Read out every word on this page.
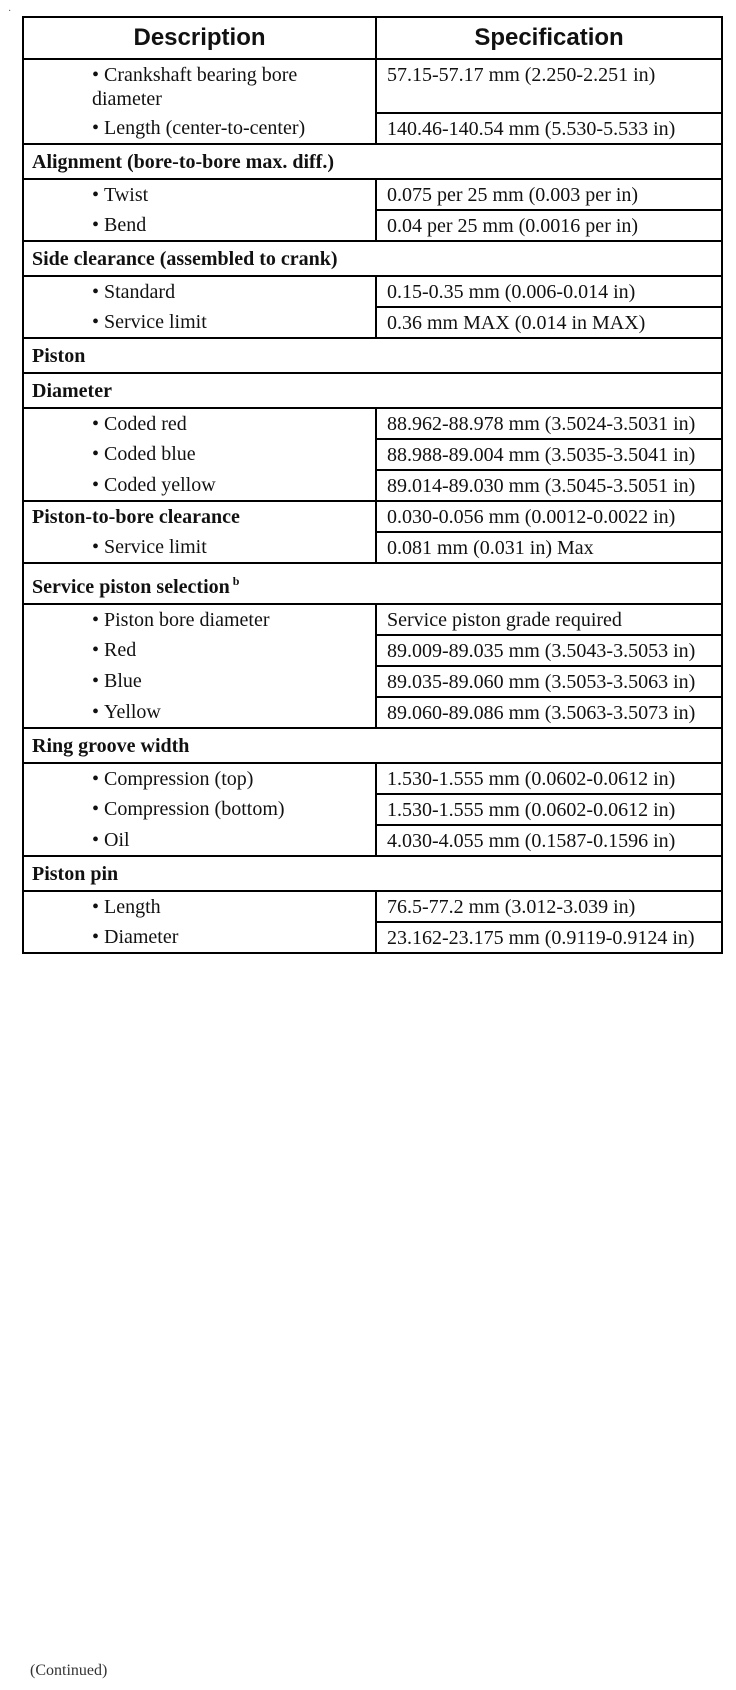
·
Description	Specification
• Crankshaft bearing bore diameter	57.15-57.17 mm (2.250-2.251 in)
• Length (center-to-center)	140.46-140.54 mm (5.530-5.533 in)
Alignment (bore-to-bore max. diff.)	
• Twist	0.075 per 25 mm (0.003 per in)
• Bend	0.04 per 25 mm (0.0016 per in)
Side clearance (assembled to crank)	
• Standard	0.15-0.35 mm (0.006-0.014 in)
• Service limit	0.36 mm MAX (0.014 in MAX)
Piston	
Diameter	
• Coded red	88.962-88.978 mm (3.5024-3.5031 in)
• Coded blue	88.988-89.004 mm (3.5035-3.5041 in)
• Coded yellow	89.014-89.030 mm (3.5045-3.5051 in)
Piston-to-bore clearance	0.030-0.056 mm (0.0012-0.0022 in)
• Service limit	0.081 mm (0.031 in) Max
Service piston selection $^b$
• Piston bore diameter	Service piston grade required
• Red	89.009-89.035 mm (3.5043-3.5053 in)
• Blue	89.035-89.060 mm (3.5053-3.5063 in)
• Yellow	89.060-89.086 mm (3.5063-3.5073 in)
Ring groove width	
• Compression (top)	1.530-1.555 mm (0.0602-0.0612 in)
• Compression (bottom)	1.530-1.555 mm (0.0602-0.0612 in)
• Oil	4.030-4.055 mm (0.1587-0.1596 in)
Piston pin	
• Length	76.5-77.2 mm (3.012-3.039 in)
• Diameter	23.162-23.175 mm (0.9119-0.9124 in)
(Continued)
